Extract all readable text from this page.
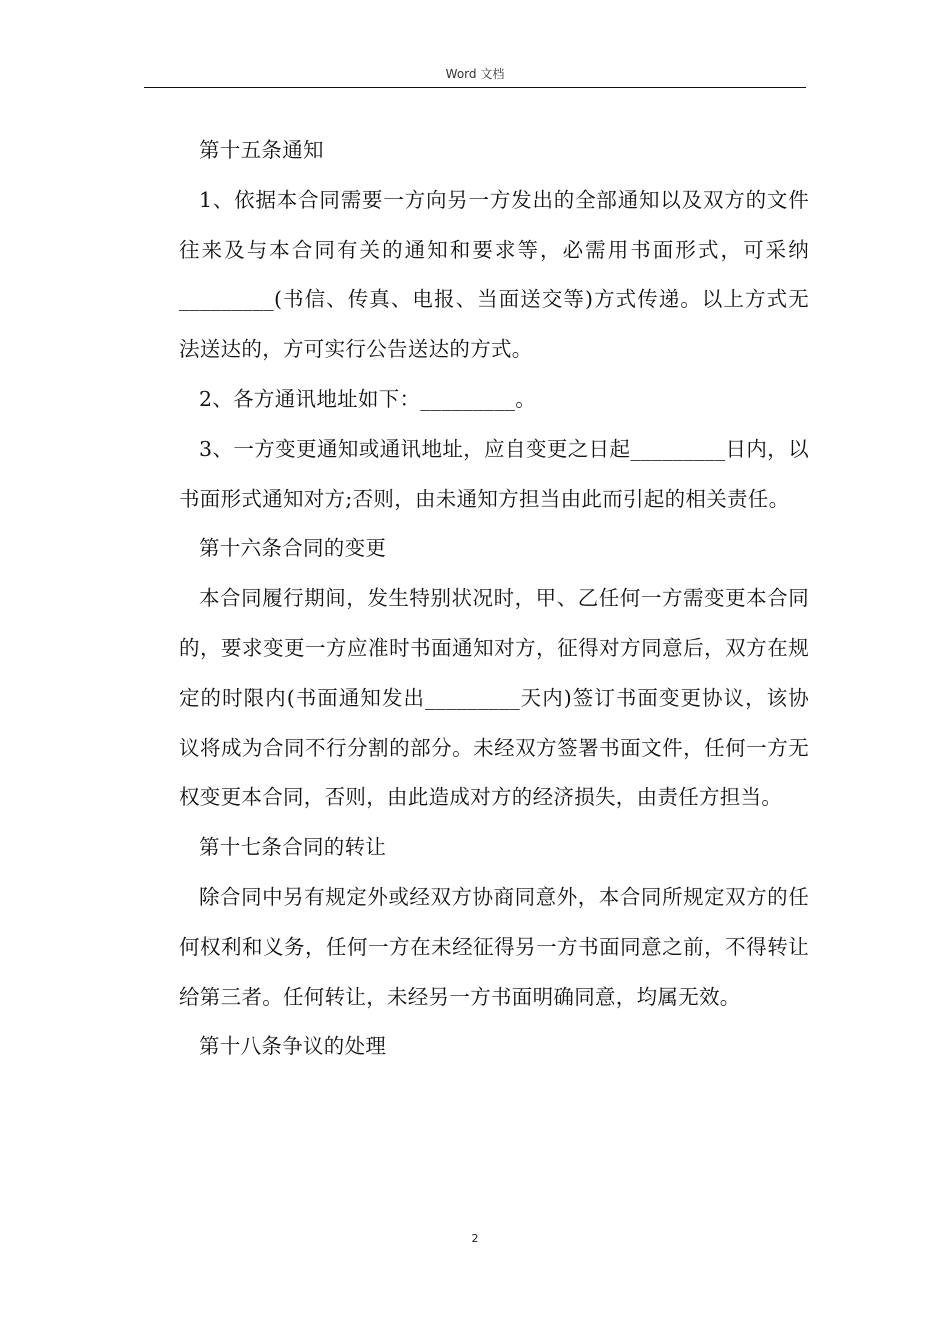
Word 文档

第十五条通知

1、依据本合同需要一方向另一方发出的全部通知以及双方的文件往来及与本合同有关的通知和要求等，必需用书面形式，可采纳_________(书信、传真、电报、当面送交等)方式传递。以上方式无法送达的，方可实行公告送达的方式。

2、各方通讯地址如下：_________。

3、一方变更通知或通讯地址，应自变更之日起_________日内，以书面形式通知对方;否则，由未通知方担当由此而引起的相关责任。

第十六条合同的变更

本合同履行期间，发生特别状况时，甲、乙任何一方需变更本合同的，要求变更一方应准时书面通知对方，征得对方同意后，双方在规定的时限内(书面通知发出_________天内)签订书面变更协议，该协议将成为合同不行分割的部分。未经双方签署书面文件，任何一方无权变更本合同，否则，由此造成对方的经济损失，由责任方担当。

第十七条合同的转让

除合同中另有规定外或经双方协商同意外，本合同所规定双方的任何权利和义务，任何一方在未经征得另一方书面同意之前，不得转让给第三者。任何转让，未经另一方书面明确同意，均属无效。

第十八条争议的处理

2
